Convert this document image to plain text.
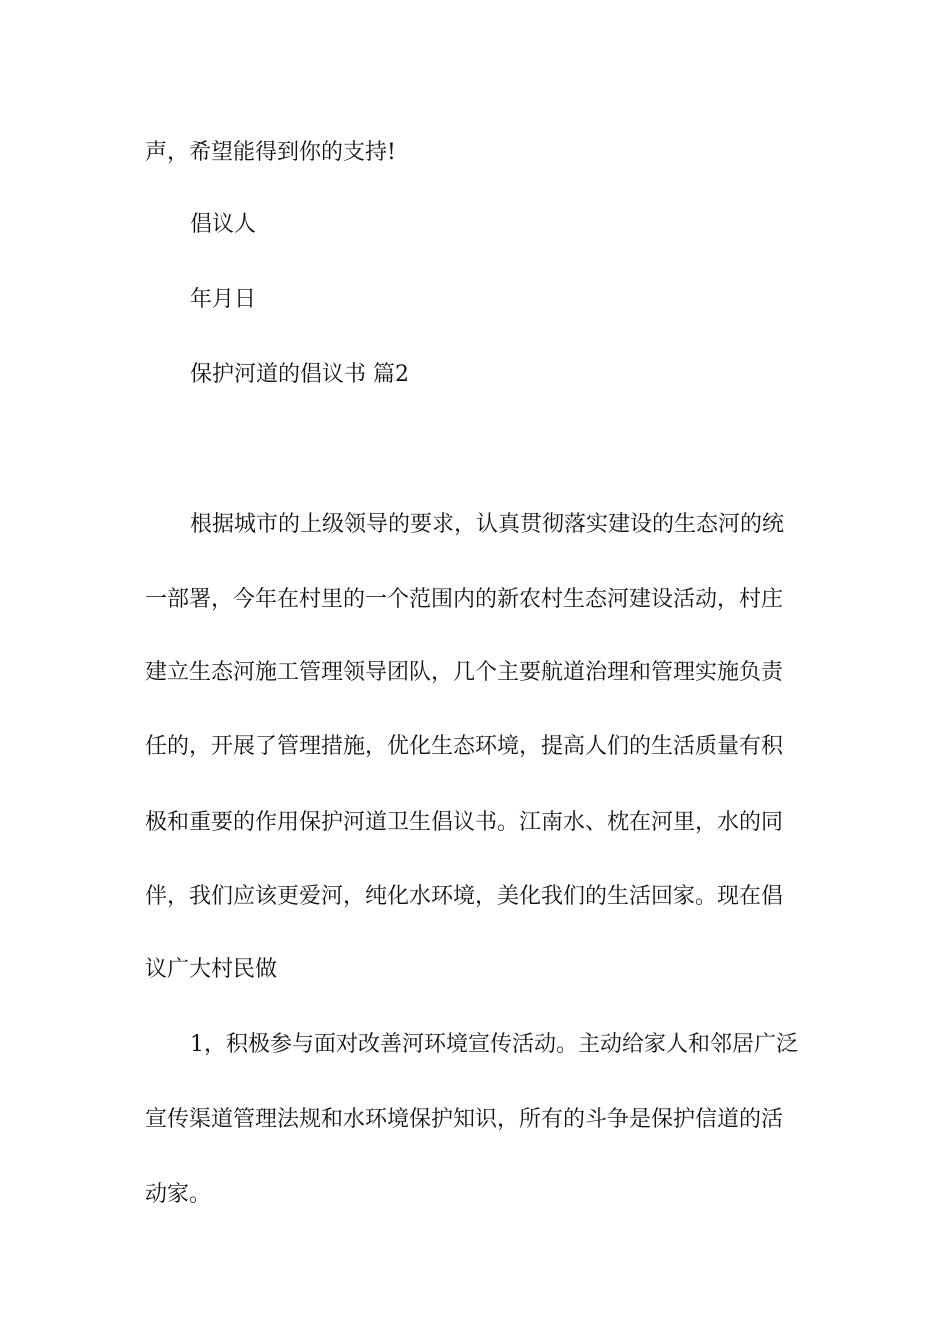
声，希望能得到你的支持!
倡议人
年月日
保护河道的倡议书 篇2
根据城市的上级领导的要求，认真贯彻落实建设的生态河的统
一部署，今年在村里的一个范围内的新农村生态河建设活动，村庄
建立生态河施工管理领导团队，几个主要航道治理和管理实施负责
任的，开展了管理措施，优化生态环境，提高人们的生活质量有积
极和重要的作用保护河道卫生倡议书。江南水、枕在河里，水的同
伴，我们应该更爱河，纯化水环境，美化我们的生活回家。现在倡
议广大村民做
1，积极参与面对改善河环境宣传活动。主动给家人和邻居广泛
宣传渠道管理法规和水环境保护知识，所有的斗争是保护信道的活
动家。
